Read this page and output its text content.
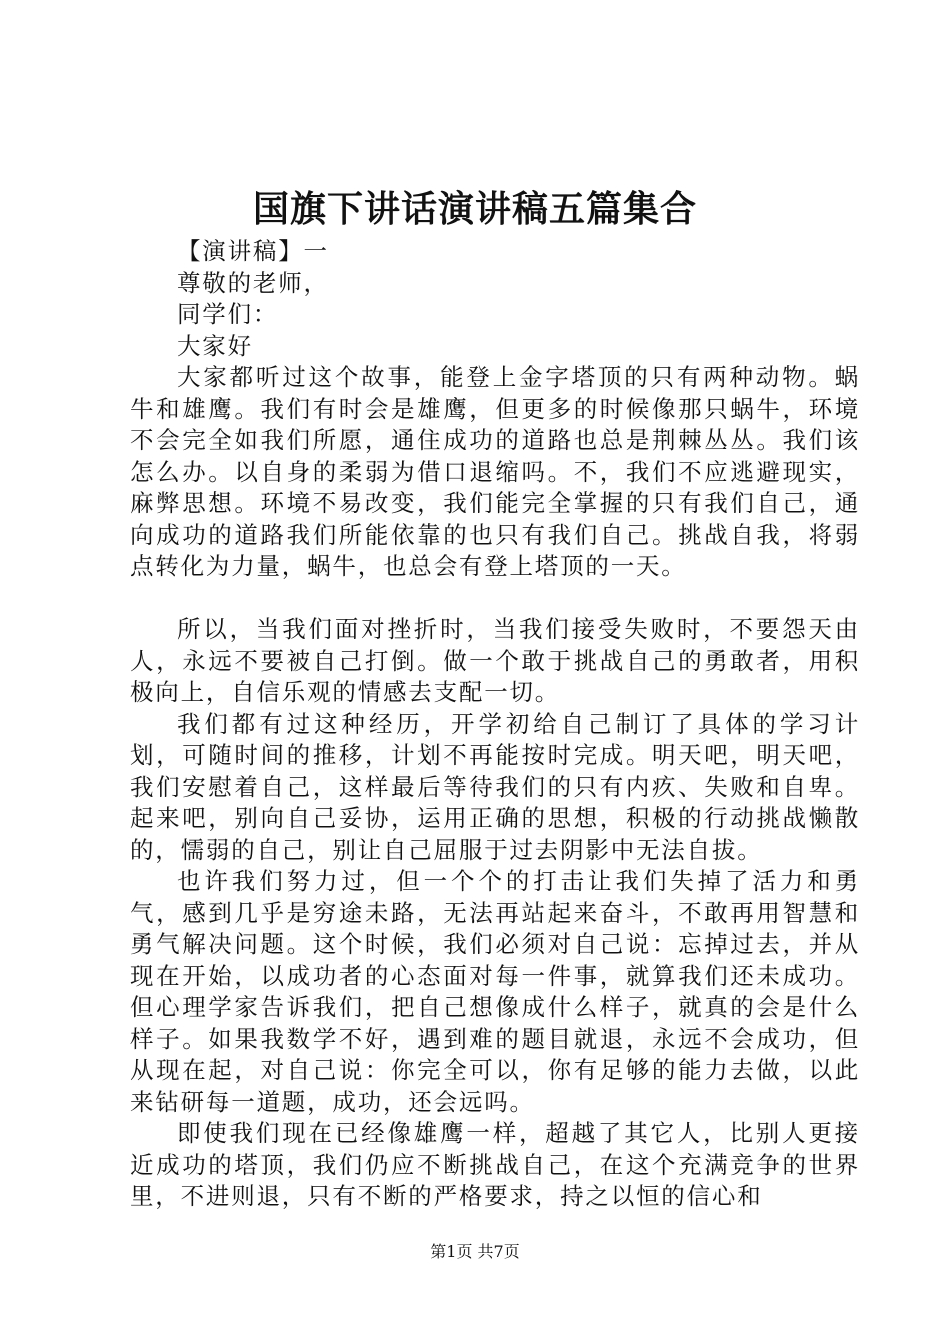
国旗下讲话演讲稿五篇集合

【演讲稿】一

尊敬的老师，

同学们：

大家好

大家都听过这个故事，能登上金字塔顶的只有两种动物。蜗牛和雄鹰。我们有时会是雄鹰，但更多的时候像那只蜗牛，环境不会完全如我们所愿，通住成功的道路也总是荆棘丛丛。我们该怎么办。以自身的柔弱为借口退缩吗。不，我们不应逃避现实，麻弊思想。环境不易改变，我们能完全掌握的只有我们自己，通向成功的道路我们所能依靠的也只有我们自己。挑战自我，将弱点转化为力量，蜗牛，也总会有登上塔顶的一天。

所以，当我们面对挫折时，当我们接受失败时，不要怨天由人，永远不要被自己打倒。做一个敢于挑战自己的勇敢者，用积极向上，自信乐观的情感去支配一切。

我们都有过这种经历，开学初给自己制订了具体的学习计划，可随时间的推移，计划不再能按时完成。明天吧，明天吧，我们安慰着自己，这样最后等待我们的只有内疚、失败和自卑。起来吧，别向自己妥协，运用正确的思想，积极的行动挑战懒散的，懦弱的自己，别让自己屈服于过去阴影中无法自拔。

也许我们努力过，但一个个的打击让我们失掉了活力和勇气，感到几乎是穷途未路，无法再站起来奋斗，不敢再用智慧和勇气解决问题。这个时候，我们必须对自己说：忘掉过去，并从现在开始，以成功者的心态面对每一件事，就算我们还未成功。但心理学家告诉我们，把自己想像成什么样子，就真的会是什么样子。如果我数学不好，遇到难的题目就退，永远不会成功，但从现在起，对自己说：你完全可以，你有足够的能力去做，以此来钻研每一道题，成功，还会远吗。

即使我们现在已经像雄鹰一样，超越了其它人，比别人更接近成功的塔顶，我们仍应不断挑战自己，在这个充满竞争的世界里，不进则退，只有不断的严格要求，持之以恒的信心和

第1页 共7页
